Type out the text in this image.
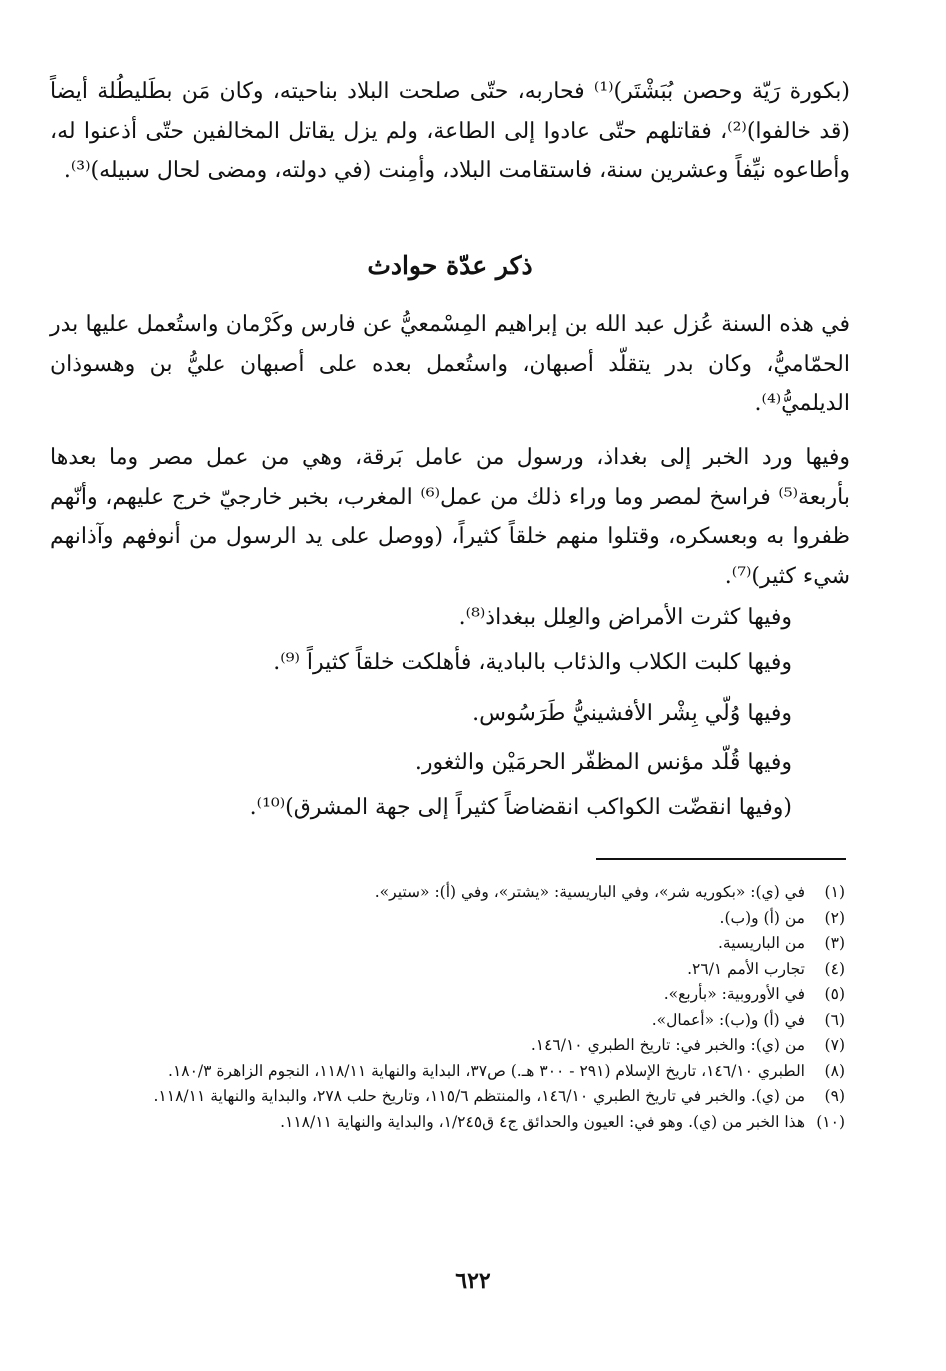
(بكورة رَيّة وحصن بُبَشْتَر)⁽¹⁾ فحاربه، حتّى صلحت البلاد بناحيته، وكان مَن بطَليطُلة أيضاً (قد خالفوا)⁽²⁾، فقاتلهم حتّى عادوا إلى الطاعة، ولم يزل يقاتل المخالفين حتّى أذعنوا له، وأطاعوه نيِّفاً وعشرين سنة، فاستقامت البلاد، وأمِنت (في دولته، ومضى لحال سبيله)⁽³⁾.

ذكر عدّة حوادث

في هذه السنة عُزل عبد الله بن إبراهيم المِسْمعيُّ عن فارس وكَرْمان واستُعمل عليها بدر الحمّاميُّ، وكان بدر يتقلّد أصبهان، واستُعمل بعده على أصبهان عليُّ بن وهسوذان الديلميُّ⁽⁴⁾.

وفيها ورد الخبر إلى بغداذ، ورسول من عامل بَرقة، وهي من عمل مصر وما بعدها بأربعة⁽⁵⁾ فراسخ لمصر وما وراء ذلك من عمل⁽⁶⁾ المغرب، بخبر خارجيّ خرج عليهم، وأنّهم ظفروا به وبعسكره، وقتلوا منهم خلقاً كثيراً، (ووصل على يد الرسول من أنوفهم وآذانهم شيء كثير)⁽⁷⁾.

وفيها كثرت الأمراض والعِلل ببغداذ⁽⁸⁾.

وفيها كلبت الكلاب والذئاب بالبادية، فأهلكت خلقاً كثيراً ⁽⁹⁾.

وفيها وُلّي بِشْر الأفشينيُّ طَرَسُوس.

وفيها قُلّد مؤنس المظفّر الحرمَيْن والثغور.

(وفيها انقضّت الكواكب انقضاضاً كثيراً إلى جهة المشرق)⁽¹⁰⁾.

(١)
في (ي): «بكوريه شر»، وفي الباريسية: «يشتر»، وفي (أ): «ستير».
(٢)
من (أ) و(ب).
(٣)
من الباريسية.
(٤)
تجارب الأمم ٢٦/١.
(٥)
في الأوروبية: «بأربع».
(٦)
في (أ) و(ب): «أعمال».
(٧)
من (ي): والخبر في: تاريخ الطبري ١٤٦/١٠.
(٨)
الطبري ١٤٦/١٠، تاريخ الإسلام (٢٩١ - ٣٠٠ هـ.) ص٣٧، البداية والنهاية ١١٨/١١، النجوم الزاهرة ١٨٠/٣.
(٩)
من (ي). والخبر في تاريخ الطبري ١٤٦/١٠، والمنتظم ١١٥/٦، وتاريخ حلب ٢٧٨، والبداية والنهاية ١١٨/١١.
(١٠)
هذا الخبر من (ي). وهو في: العيون والحدائق ج٤ ق١/٢٤٥، والبداية والنهاية ١١٨/١١.
٦٢٢
